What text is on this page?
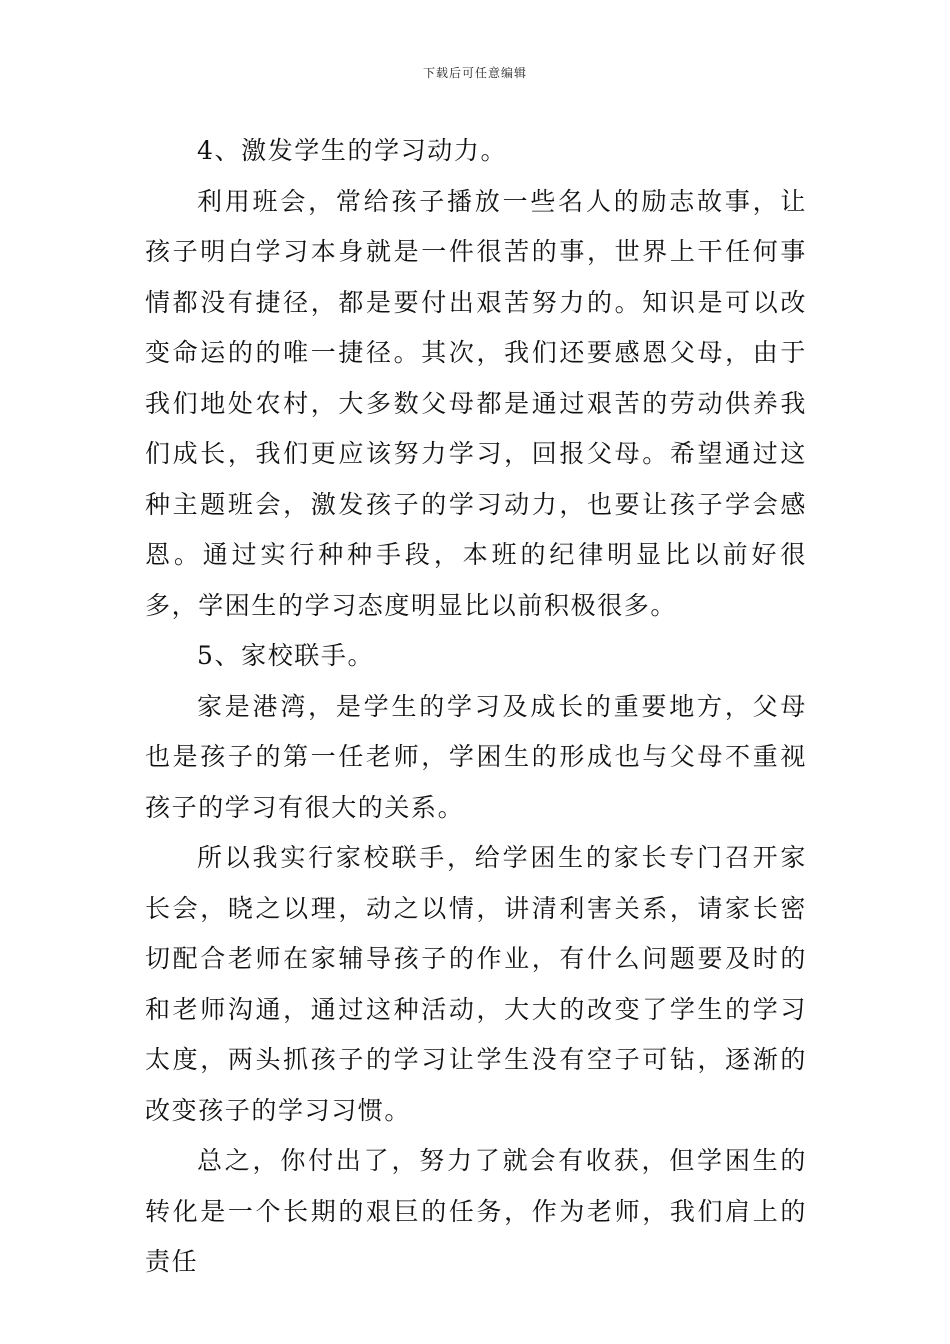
下载后可任意编辑

4、激发学生的学习动力。

利用班会，常给孩子播放一些名人的励志故事，让孩子明白学习本身就是一件很苦的事，世界上干任何事情都没有捷径，都是要付出艰苦努力的。知识是可以改变命运的的唯一捷径。其次，我们还要感恩父母，由于我们地处农村，大多数父母都是通过艰苦的劳动供养我们成长，我们更应该努力学习，回报父母。希望通过这种主题班会，激发孩子的学习动力，也要让孩子学会感恩。通过实行种种手段，本班的纪律明显比以前好很多，学困生的学习态度明显比以前积极很多。

5、家校联手。

家是港湾，是学生的学习及成长的重要地方，父母也是孩子的第一任老师，学困生的形成也与父母不重视孩子的学习有很大的关系。

所以我实行家校联手，给学困生的家长专门召开家长会，晓之以理，动之以情，讲清利害关系，请家长密切配合老师在家辅导孩子的作业，有什么问题要及时的和老师沟通，通过这种活动，大大的改变了学生的学习太度，两头抓孩子的学习让学生没有空子可钻，逐渐的改变孩子的学习习惯。

总之，你付出了，努力了就会有收获，但学困生的转化是一个长期的艰巨的任务，作为老师，我们肩上的责任
